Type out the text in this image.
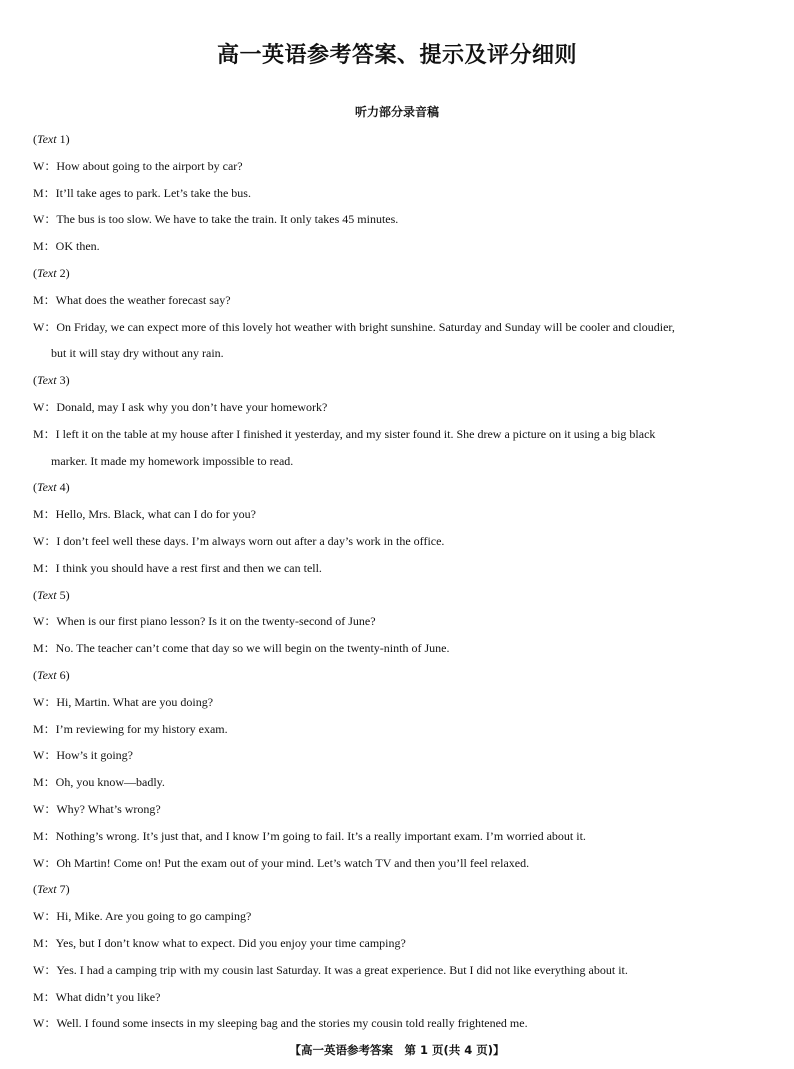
高一英语参考答案、提示及评分细则
听力部分录音稿
(Text 1)
W：How about going to the airport by car?
M：It’ll take ages to park. Let’s take the bus.
W：The bus is too slow. We have to take the train. It only takes 45 minutes.
M：OK then.
(Text 2)
M：What does the weather forecast say?
W：On Friday, we can expect more of this lovely hot weather with bright sunshine. Saturday and Sunday will be cooler and cloudier,
but it will stay dry without any rain.
(Text 3)
W：Donald, may I ask why you don’t have your homework?
M：I left it on the table at my house after I finished it yesterday, and my sister found it. She drew a picture on it using a big black
marker. It made my homework impossible to read.
(Text 4)
M：Hello, Mrs. Black, what can I do for you?
W：I don’t feel well these days. I’m always worn out after a day’s work in the office.
M：I think you should have a rest first and then we can tell.
(Text 5)
W：When is our first piano lesson? Is it on the twenty-second of June?
M：No. The teacher can’t come that day so we will begin on the twenty-ninth of June.
(Text 6)
W：Hi, Martin. What are you doing?
M：I’m reviewing for my history exam.
W：How’s it going?
M：Oh, you know—badly.
W：Why? What’s wrong?
M：Nothing’s wrong. It’s just that, and I know I’m going to fail. It’s a really important exam. I’m worried about it.
W：Oh Martin! Come on! Put the exam out of your mind. Let’s watch TV and then you’ll feel relaxed.
(Text 7)
W：Hi, Mike. Are you going to go camping?
M：Yes, but I don’t know what to expect. Did you enjoy your time camping?
W：Yes. I had a camping trip with my cousin last Saturday. It was a great experience. But I did not like everything about it.
M：What didn’t you like?
W：Well. I found some insects in my sleeping bag and the stories my cousin told really frightened me.
【高一英语参考答案　第 1 页(共 4 页)】
